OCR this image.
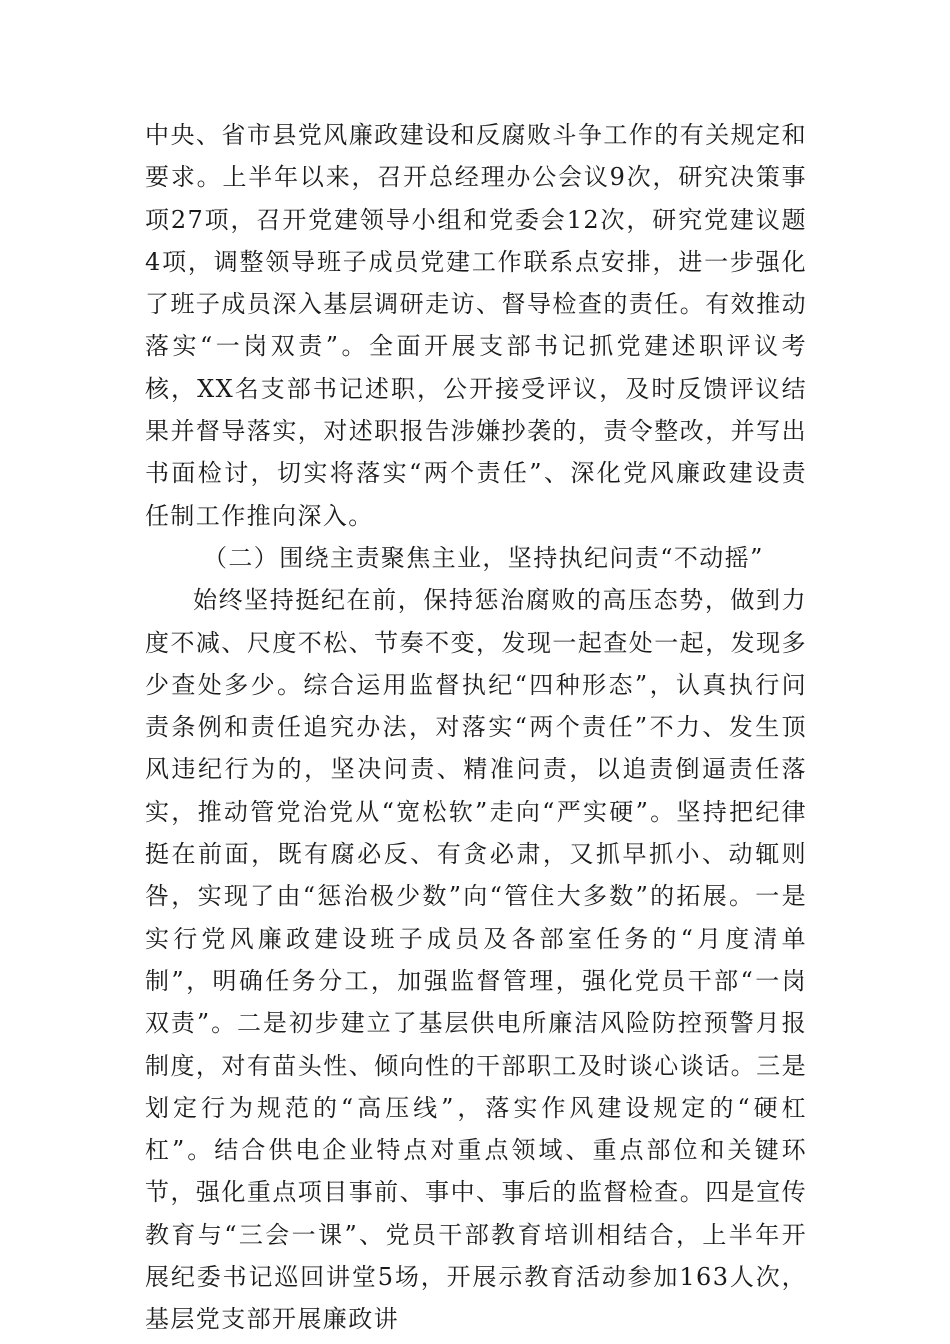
中央、省市县党风廉政建设和反腐败斗争工作的有关规定和要求。上半年以来，召开总经理办公会议9次，研究决策事项27项，召开党建领导小组和党委会12次，研究党建议题4项，调整领导班子成员党建工作联系点安排，进一步强化了班子成员深入基层调研走访、督导检查的责任。有效推动落实“一岗双责”。全面开展支部书记抓党建述职评议考核，XX名支部书记述职，公开接受评议，及时反馈评议结果并督导落实，对述职报告涉嫌抄袭的，责令整改，并写出书面检讨，切实将落实“两个责任”、深化党风廉政建设责任制工作推向深入。

（二）围绕主责聚焦主业，坚持执纪问责“不动摇”

始终坚持挺纪在前，保持惩治腐败的高压态势，做到力度不减、尺度不松、节奏不变，发现一起查处一起，发现多少查处多少。综合运用监督执纪“四种形态”，认真执行问责条例和责任追究办法，对落实“两个责任”不力、发生顶风违纪行为的，坚决问责、精准问责，以追责倒逼责任落实，推动管党治党从“宽松软”走向“严实硬”。坚持把纪律挺在前面，既有腐必反、有贪必肃，又抓早抓小、动辄则咎，实现了由“惩治极少数”向“管住大多数”的拓展。一是实行党风廉政建设班子成员及各部室任务的“月度清单制”，明确任务分工，加强监督管理，强化党员干部“一岗双责”。二是初步建立了基层供电所廉洁风险防控预警月报制度，对有苗头性、倾向性的干部职工及时谈心谈话。三是划定行为规范的“高压线”，落实作风建设规定的“硬杠杠”。结合供电企业特点对重点领域、重点部位和关键环节，强化重点项目事前、事中、事后的监督检查。四是宣传教育与“三会一课”、党员干部教育培训相结合，上半年开展纪委书记巡回讲堂5场，开展示教育活动参加163人次，基层党支部开展廉政讲
